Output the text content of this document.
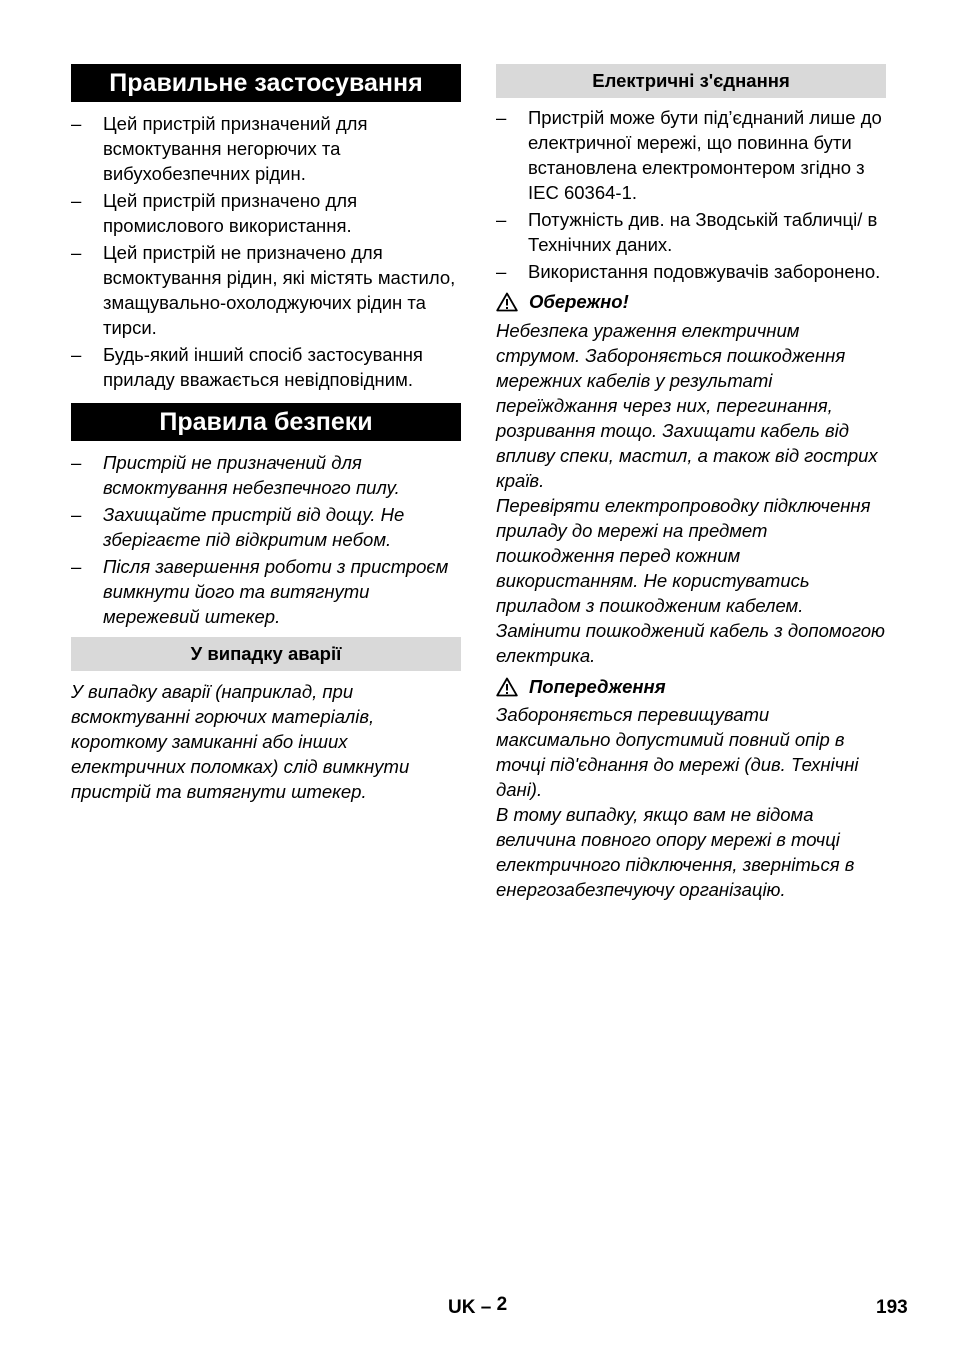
Правильне застосування
– Цей пристрій призначений для всмоктування негорючих та вибухобезпечних рідин.
– Цей пристрій призначено для промислового використання.
– Цей пристрій не призначено для всмоктування рідин, які містять мастило, змащувально-охолоджуючих рідин та тирси.
– Будь-який інший спосіб застосування приладу вважається невідповідним.
Правила безпеки
– Пристрій не призначений для всмоктування небезпечного пилу.
– Захищайте пристрій від дощу. Не зберігаєте під відкритим небом.
– Після завершення роботи з пристроєм вимкнути його та витягнути мережевий штекер.
У випадку аварії

У випадку аварії (наприклад, при всмоктуванні горючих матеріалів, короткому замиканні або інших електричних поломках) слід вимкнути пристрій та витягнути штекер.

Електричні з'єднання
– Пристрій може бути під’єднаний лише до електричної мережі, що повинна бути встановлена електромонтером згідно з IEC 60364-1.
– Потужність див. на Зводській табличці/ в Технічних даних.
– Використання подовжувачів заборонено.
Обережно!

Небезпека ураження електричним струмом. Забороняється пошкодження мережних кабелів у результаті переїжджання через них, перегинання, розривання тощо. Захищати кабель від впливу спеки, мастил, а також від гострих країв.

Перевіряти електропроводку підключення приладу до мережі на предмет пошкодження перед кожним використанням. Не користуватись приладом з пошкодженим кабелем. Замінити пошкоджений кабель з допомогою електрика.

Попередження

Забороняється перевищувати максимально допустимий повний опір в точці під'єднання до мережі (див. Технічні дані).

В тому випадку, якщо вам не відома величина повного опору мережі в точці електричного підключення, зверніться в енергозабезпечуючу організацію.

UK – 2	193
